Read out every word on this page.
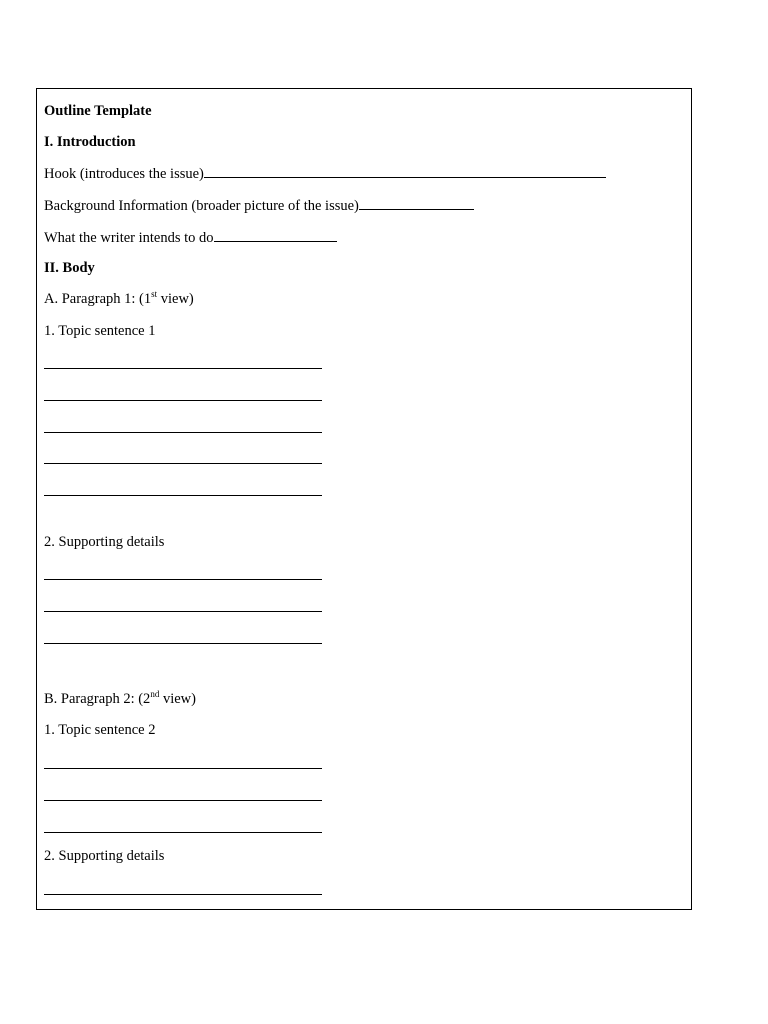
Outline Template
I. Introduction
Hook (introduces the issue)
Background Information (broader picture of the issue)
What the writer intends to do
II. Body
A. Paragraph 1: (1st view)
1. Topic sentence 1
2. Supporting details
B. Paragraph 2: (2nd view)
1. Topic sentence 2
2. Supporting details
